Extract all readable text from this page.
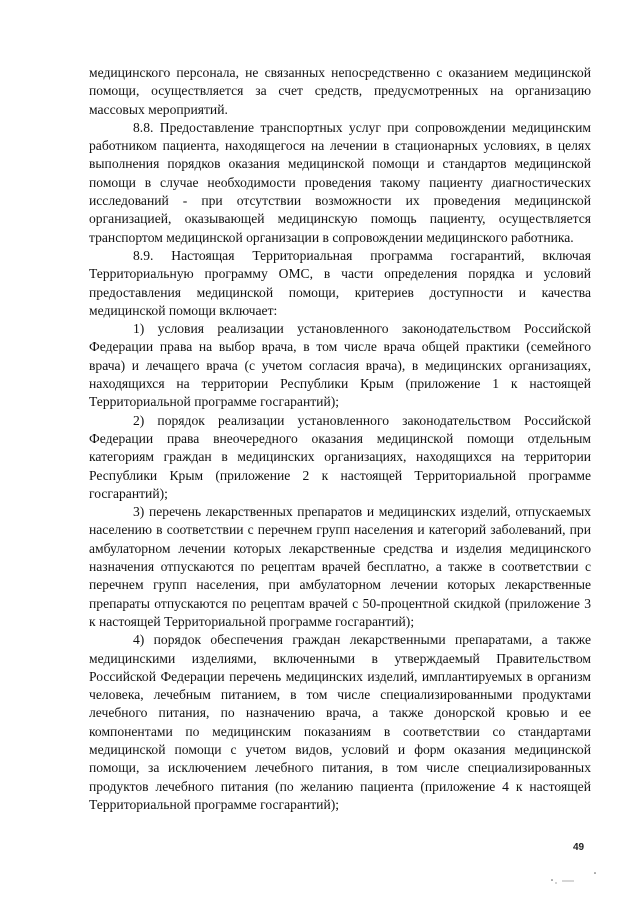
медицинского персонала, не связанных непосредственно с оказанием медицинской помощи, осуществляется за счет средств, предусмотренных на организацию массовых мероприятий.

8.8. Предоставление транспортных услуг при сопровождении медицинским работником пациента, находящегося на лечении в стационарных условиях, в целях выполнения порядков оказания медицинской помощи и стандартов медицинской помощи в случае необходимости проведения такому пациенту диагностических исследований - при отсутствии возможности их проведения медицинской организацией, оказывающей медицинскую помощь пациенту, осуществляется транспортом медицинской организации в сопровождении медицинского работника.

8.9. Настоящая Территориальная программа госгарантий, включая Территориальную программу ОМС, в части определения порядка и условий предоставления медицинской помощи, критериев доступности и качества медицинской помощи включает:

1) условия реализации установленного законодательством Российской Федерации права на выбор врача, в том числе врача общей практики (семейного врача) и лечащего врача (с учетом согласия врача), в медицинских организациях, находящихся на территории Республики Крым (приложение 1 к настоящей Территориальной программе госгарантий);

2) порядок реализации установленного законодательством Российской Федерации права внеочередного оказания медицинской помощи отдельным категориям граждан в медицинских организациях, находящихся на территории Республики Крым (приложение 2 к настоящей Территориальной программе госгарантий);

3) перечень лекарственных препаратов и медицинских изделий, отпускаемых населению в соответствии с перечнем групп населения и категорий заболеваний, при амбулаторном лечении которых лекарственные средства и изделия медицинского назначения отпускаются по рецептам врачей бесплатно, а также в соответствии с перечнем групп населения, при амбулаторном лечении которых лекарственные препараты отпускаются по рецептам врачей с 50-процентной скидкой (приложение 3 к настоящей Территориальной программе госгарантий);

4) порядок обеспечения граждан лекарственными препаратами, а также медицинскими изделиями, включенными в утверждаемый Правительством Российской Федерации перечень медицинских изделий, имплантируемых в организм человека, лечебным питанием, в том числе специализированными продуктами лечебного питания, по назначению врача, а также донорской кровью и ее компонентами по медицинским показаниям в соответствии со стандартами медицинской помощи с учетом видов, условий и форм оказания медицинской помощи, за исключением лечебного питания, в том числе специализированных продуктов лечебного питания (по желанию пациента (приложение 4 к настоящей Территориальной программе госгарантий);

49
